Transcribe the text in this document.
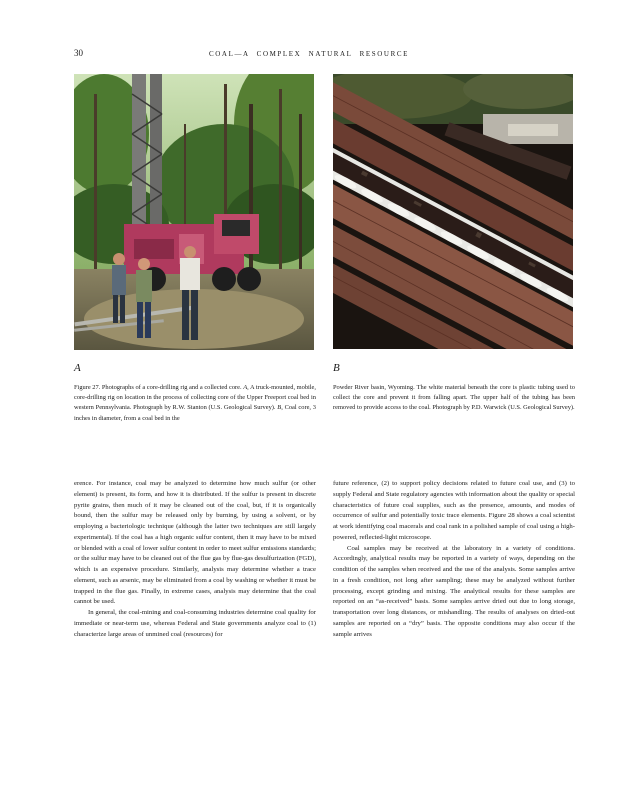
30	COAL—A COMPLEX NATURAL RESOURCE
A	B

Figure 27. Photographs of a core-drilling rig and a collected core. A, A truck-mounted, mobile, core-drilling rig on location in the process of collecting core of the Upper Freeport coal bed in western Pennsylvania. Photograph by R.W. Stanton (U.S. Geological Survey). B, Coal core, 3 inches in diameter, from a coal bed in the

Powder River basin, Wyoming. The white material beneath the core is plastic tubing used to collect the core and prevent it from falling apart. The upper half of the tubing has been removed to provide access to the coal. Photograph by P.D. Warwick (U.S. Geological Survey).

erence. For instance, coal may be analyzed to determine how much sulfur (or other element) is present, its form, and how it is distributed. If the sulfur is present in discrete pyrite grains, then much of it may be cleaned out of the coal, but, if it is organically bound, then the sulfur may be released only by burning, by using a solvent, or by employing a bacteriologic technique (although the latter two techniques are still largely experimental). If the coal has a high organic sulfur content, then it may have to be mixed or blended with a coal of lower sulfur content in order to meet sulfur emissions standards; or the sulfur may have to be cleaned out of the flue gas by flue-gas desulfurization (FGD), which is an expensive procedure. Similarly, analysis may determine whether a trace element, such as arsenic, may be eliminated from a coal by washing or whether it must be trapped in the flue gas. Finally, in extreme cases, analysis may determine that the coal cannot be used.

In general, the coal-mining and coal-consuming industries determine coal quality for immediate or near-term use, whereas Federal and State governments analyze coal to (1) characterize large areas of unmined coal (resources) for

future reference, (2) to support policy decisions related to future coal use, and (3) to supply Federal and State regulatory agencies with information about the quality or special characteristics of future coal supplies, such as the presence, amounts, and modes of occurrence of sulfur and potentially toxic trace elements. Figure 28 shows a coal scientist at work identifying coal macerals and coal rank in a polished sample of coal using a high-powered, reflected-light microscope.

Coal samples may be received at the laboratory in a variety of conditions. Accordingly, analytical results may be reported in a variety of ways, depending on the condition of the samples when received and the use of the analysis. Some samples arrive in a fresh condition, not long after sampling; these may be analyzed without further processing, except grinding and mixing. The analytical results for these samples are reported on an “as-received” basis. Some samples arrive dried out due to long storage, transportation over long distances, or mishandling. The results of analyses on dried-out samples are reported on a “dry” basis. The opposite conditions may also occur if the sample arrives
